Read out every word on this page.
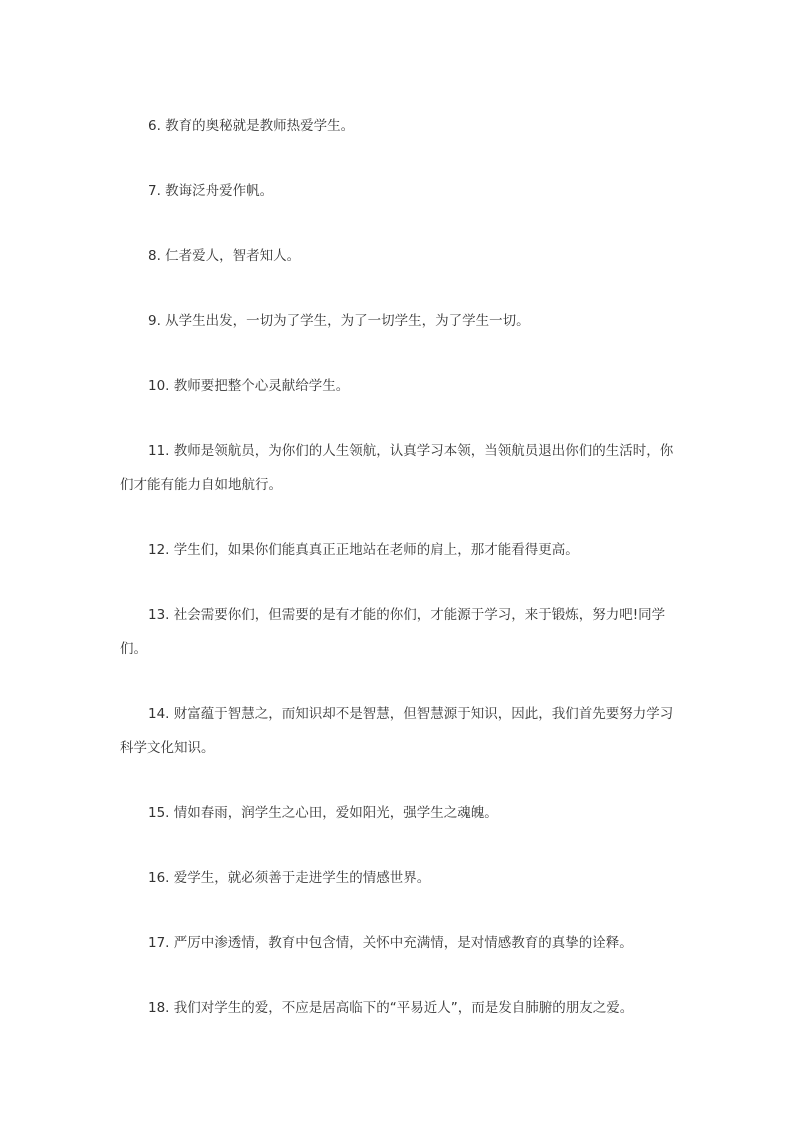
6. 教育的奥秘就是教师热爱学生。

7. 教诲泛舟爱作帆。

8. 仁者爱人，智者知人。

9. 从学生出发，一切为了学生，为了一切学生，为了学生一切。

10. 教师要把整个心灵献给学生。

11. 教师是领航员，为你们的人生领航，认真学习本领，当领航员退出你们的生活时，你们才能有能力自如地航行。

12. 学生们，如果你们能真真正正地站在老师的肩上，那才能看得更高。

13. 社会需要你们，但需要的是有才能的你们，才能源于学习，来于锻炼，努力吧!同学们。

14. 财富蕴于智慧之，而知识却不是智慧，但智慧源于知识，因此，我们首先要努力学习科学文化知识。

15. 情如春雨，润学生之心田，爱如阳光，强学生之魂魄。

16. 爱学生，就必须善于走进学生的情感世界。

17. 严厉中渗透情，教育中包含情，关怀中充满情，是对情感教育的真挚的诠释。

18. 我们对学生的爱，不应是居高临下的“平易近人”，而是发自肺腑的朋友之爱。
